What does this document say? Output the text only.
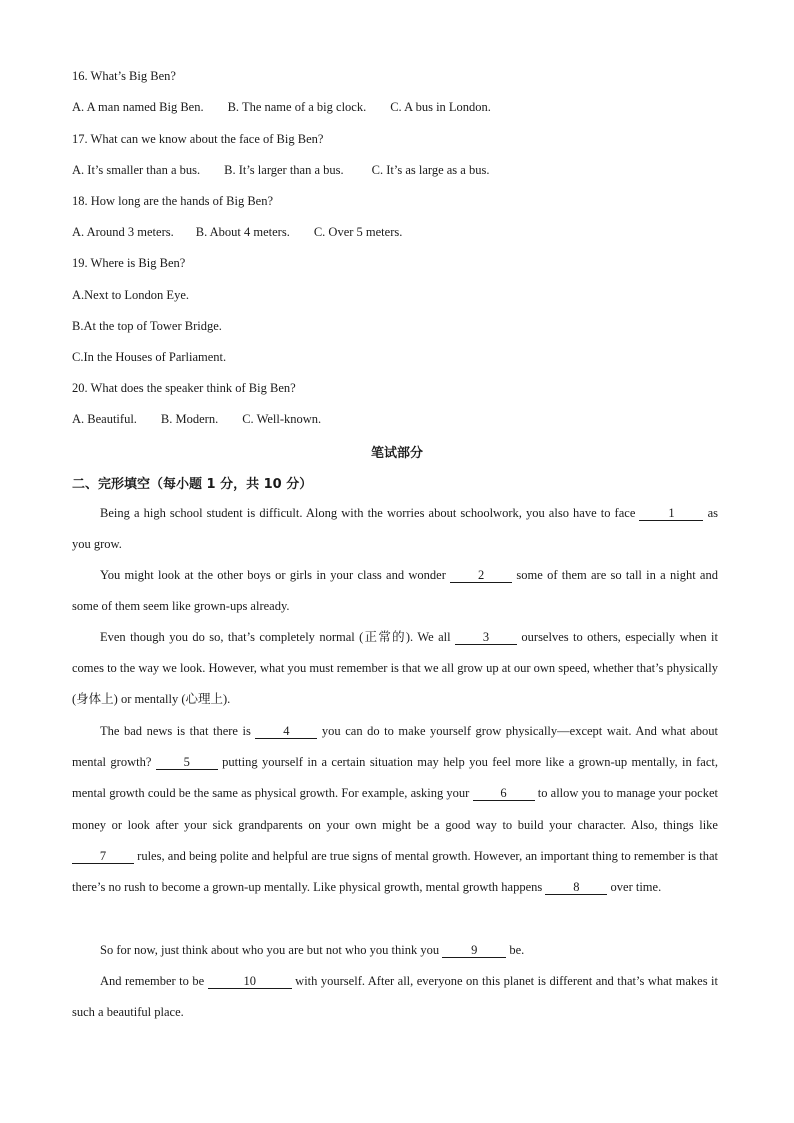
16. What’s Big Ben?
A. A man named Big Ben. B. The name of a big clock. C. A bus in London.
17. What can we know about the face of Big Ben?
A. It’s smaller than a bus. B. It’s larger than a bus. C. It’s as large as a bus.
18. How long are the hands of Big Ben?
A. Around 3 meters. B. About 4 meters. C. Over 5 meters.
19. Where is Big Ben?
A.Next to London Eye.
B.At the top of Tower Bridge.
C.In the Houses of Parliament.
20. What does the speaker think of Big Ben?
A. Beautiful. B. Modern. C. Well-known.
笔试部分
二、完形填空（每小题 1 分，共 10 分）
Being a high school student is difficult. Along with the worries about schoolwork, you also have to face 1 as you grow.
You might look at the other boys or girls in your class and wonder 2 some of them are so tall in a night and some of them seem like grown-ups already.
Even though you do so, that’s completely normal (正常的). We all 3 ourselves to others, especially when it comes to the way we look. However, what you must remember is that we all grow up at our own speed, whether that’s physically (身体上) or mentally (心理上).
The bad news is that there is 4 you can do to make yourself grow physically—except wait. And what about mental growth? 5 putting yourself in a certain situation may help you feel more like a grown-up mentally, in fact, mental growth could be the same as physical growth. For example, asking your 6 to allow you to manage your pocket money or look after your sick grandparents on your own might be a good way to build your character. Also, things like 7 rules, and being polite and helpful are true signs of mental growth. However, an important thing to remember is that there’s no rush to become a grown-up mentally. Like physical growth, mental growth happens 8 over time.
So for now, just think about who you are but not who you think you 9 be.
And remember to be	10	with yourself. After all, everyone on this planet is different and that’s what makes it such a beautiful place.
